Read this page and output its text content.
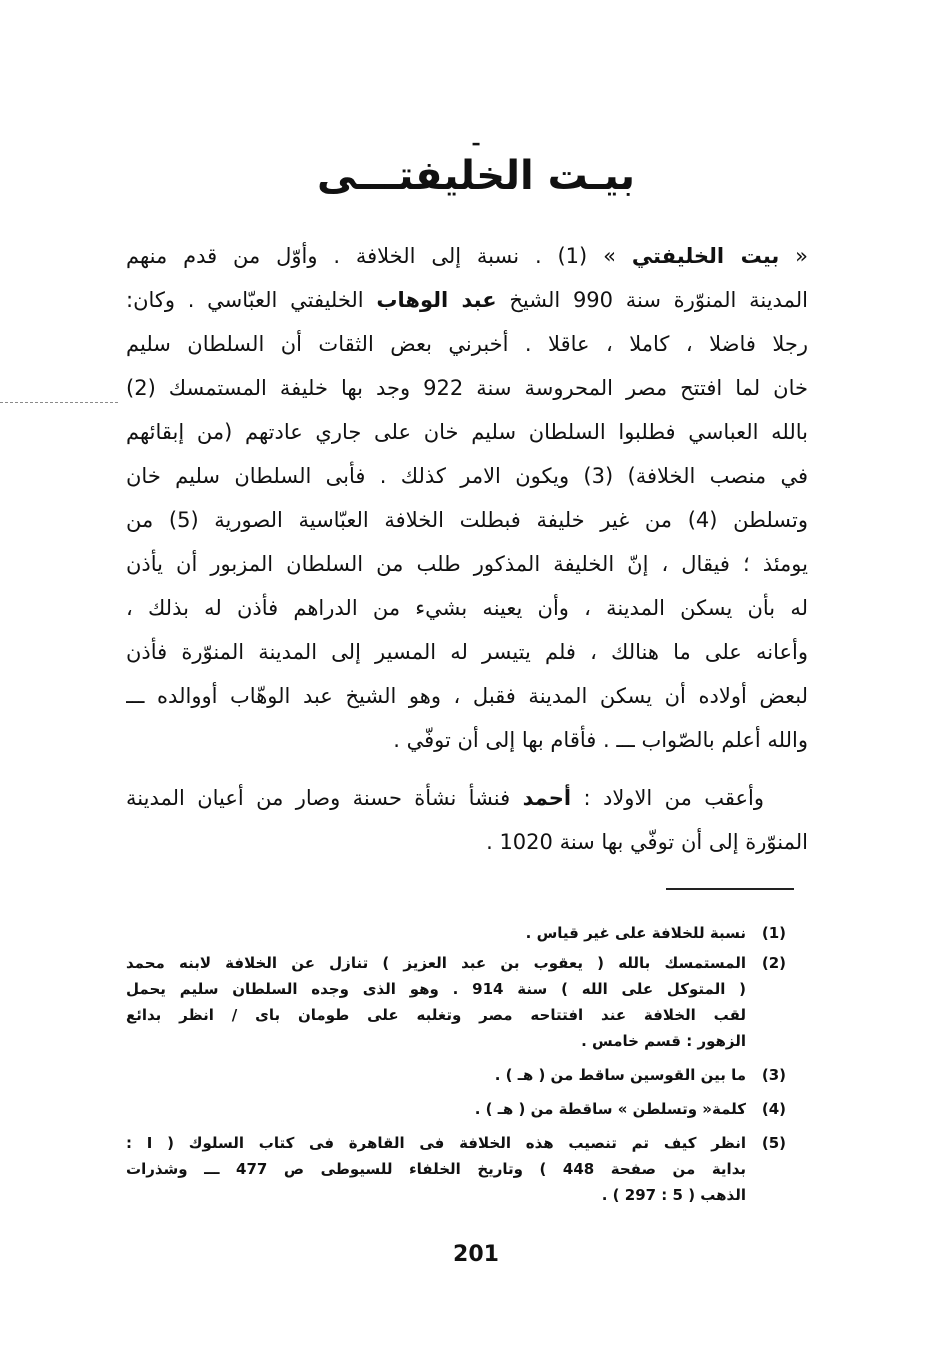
ـ
بيـت الخليفتـــى
« بيت الخليفتي » (1) . نسبة إلى الخلافة . وأوّل من قدم منهم
المدينة المنوّرة سنة 990 الشيخ عبد الوهاب الخليفتي العبّاسي . وكان:
رجلا فاضلا ، كاملا ، عاقلا . أخبرني بعض الثقات أن السلطان سليم
خان لما افتتح مصر المحروسة سنة 922 وجد بها خليفة المستمسك (2)
بالله العباسي فطلبوا السلطان سليم خان على جاري عادتهم (من إبقائهم
في منصب الخلافة) (3) ويكون الامر كذلك . فأبى السلطان سليم خان
وتسلطن (4) من غير خليفة فبطلت الخلافة العبّاسية الصورية (5) من
يومئذ ؛ فيقال ، إنّ الخليفة المذكور طلب من السلطان المزبور أن يأذن
له بأن يسكن المدينة ، وأن يعينه بشيء من الدراهم فأذن له بذلك ،
وأعانه على ما هنالك ، فلم يتيسر له المسير إلى المدينة المنوّرة فأذن
لبعض أولاده أن يسكن المدينة فقبل ، وهو الشيخ عبد الوهّاب أووالده ـــ
والله أعلم بالصّواب ـــ . فأقام بها إلى أن توفّي .
وأعقب من الاولاد : أحمد فنشأ نشأة حسنة وصار من أعيان المدينة
المنوّرة إلى أن توفّي بها سنة 1020 .
(1)
نسبة للخلافة على غير قياس .
(2)
المستمسك بالله ( يعقوب بن عبد العزيز ) تنازل عن الخلافة لابنه محمد
( المتوكل على الله ) سنة 914 . وهو الذى وجده السلطان سليم يحمل
لقب الخلافة عند افتتاحه مصر وتغلبه على طومان باى / انظر بدائع
الزهور : قسم خامس .
(3)
ما بين القوسين ساقط من ( هـ ) .
(4)
كلمة« وتسلطن » ساقطة من ( هـ ) .
(5)
انظر كيف تم تنصيب هذه الخلافة فى القاهرة فى كتاب السلوك ( I :
بداية من صفحة 448 ) وتاريخ الخلفاء للسيوطى ص 477 ـــ وشذرات
الذهب ( 5 : 297 ) .
201
